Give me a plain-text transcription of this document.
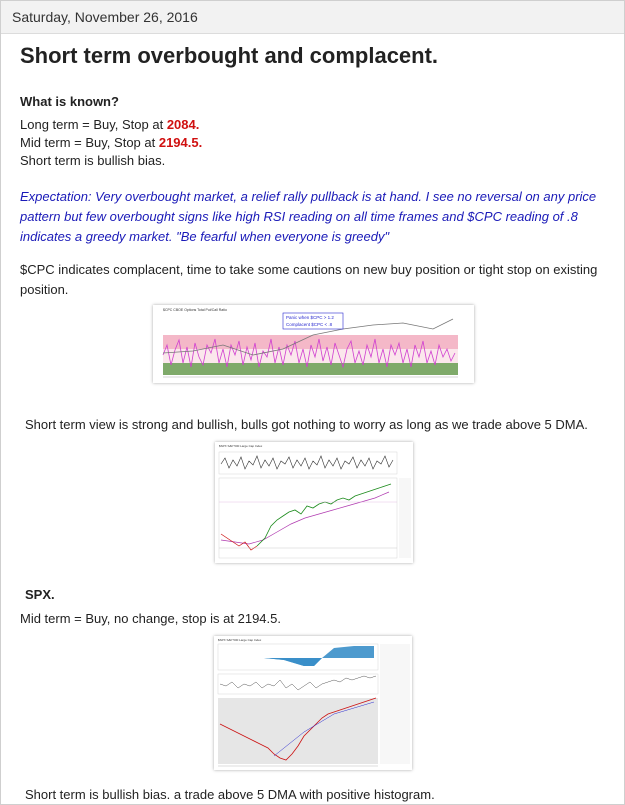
Saturday, November 26, 2016
Short term overbought and complacent.
What is known?
Long term = Buy, Stop at 2084.
Mid term = Buy, Stop at 2194.5.
Short term is bullish bias.
Expectation: Very overbought market, a relief rally pullback is at hand. I see no reversal on any price pattern but few overbought signs like high RSI reading on all time frames and $CPC reading of .8 indicates a greedy market. "Be fearful when everyone is greedy"
$CPC indicates complacent, time to take some cautions on new buy position or tight stop on existing position.
Panic when $CPC > 1.2
Complacent $CPC < .8
$CPC CBOE Options Total Put/Call Ratio
Short term view is strong and bullish, bulls got nothing to worry as long as we trade above 5 DMA.
$SPX S&P 500 Large Cap Index
SPX.
Mid term = Buy, no change, stop is at 2194.5.
$SPX S&P 500 Large Cap Index
Short term is bullish bias. a trade above 5 DMA with positive histogram.
